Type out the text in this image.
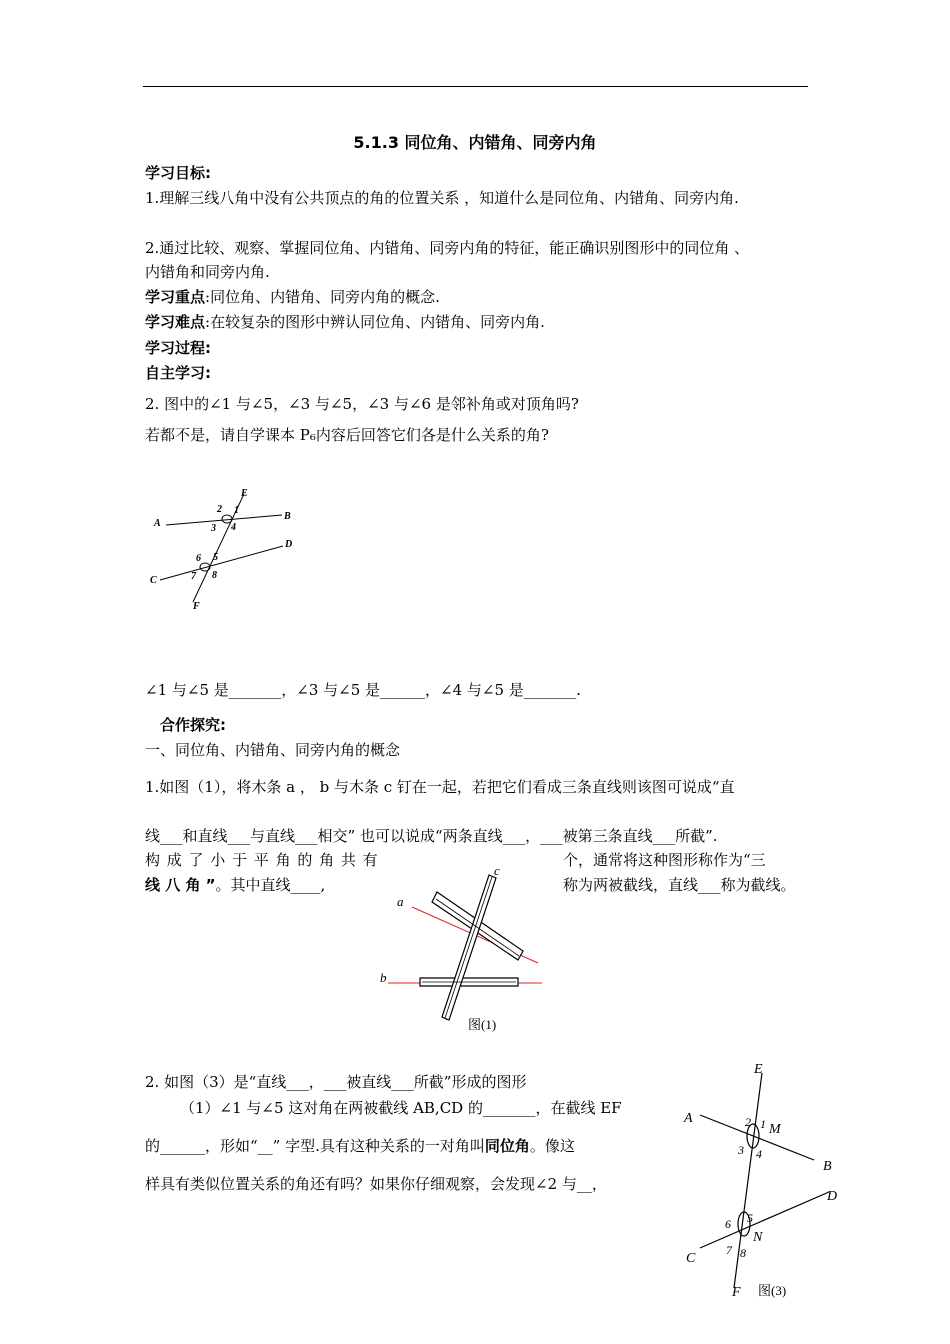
5.1.3 同位角、内错角、同旁内角
学习目标:
1.理解三线八角中没有公共顶点的角的位置关系 ，知道什么是同位角、内错角、同旁内角.
2.通过比较、观察、掌握同位角、内错角、同旁内角的特征，能正确识别图形中的同位角 、
内错角和同旁内角.
学习重点:同位角、内错角、同旁内角的概念.
学习难点:在较复杂的图形中辨认同位角、内错角、同旁内角.
学习过程:
自主学习:
2. 图中的∠1 与∠5，∠3 与∠5，∠3 与∠6 是邻补角或对顶角吗?
若都不是，请自学课本 P₆内容后回答它们各是什么关系的角?
E
A
B
2 1
3 4
6 5
D
C	7 8
F
∠1 与∠5 是_______，∠3 与∠5 是______，∠4 与∠5 是_______.
合作探究:
一、同位角、内错角、同旁内角的概念
1.如图（1），将木条 a ， b 与木条 c 钉在一起，若把它们看成三条直线则该图可说成“直
线___和直线___与直线___相交” 也可以说成“两条直线___，___被第三条直线___所截”.
构 成 了 小 于 平 角 的 角 共 有	个，通常将这种图形称作为“三
线 八 角 ”。其中直线____,	称为两被截线，直线___称为截线。
a
b
c
图(1)
2. 如图（3）是“直线___，___被直线___所截”形成的图形
（1）∠1 与∠5 这对角在两被截线 AB,CD 的_______，在截线 EF
的______，形如“__” 字型.具有这种关系的一对角叫同位角。像这
样具有类似位置关系的角还有吗？如果你仔细观察，会发现∠2 与__，
E
A	2 1 M
3 4
B
D
6 5
N
C
7 8
F 图(3)
